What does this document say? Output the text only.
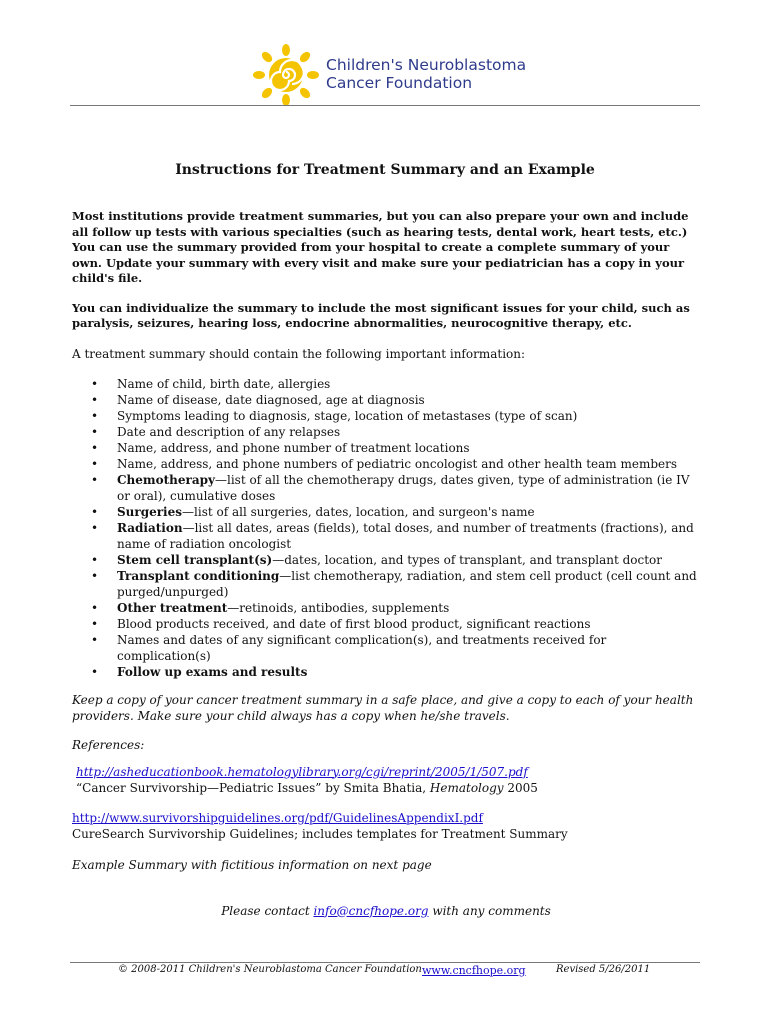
Children's Neuroblastoma
Cancer Foundation
Instructions for Treatment Summary and an Example

Most institutions provide treatment summaries, but you can also prepare your own and include all follow up tests with various specialties (such as hearing tests, dental work, heart tests, etc.) You can use the summary provided from your hospital to create a complete summary of your own. Update your summary with every visit and make sure your pediatrician has a copy in your child's file.

You can individualize the summary to include the most significant issues for your child, such as paralysis, seizures, hearing loss, endocrine abnormalities, neurocognitive therapy, etc.

A treatment summary should contain the following important information:

• Name of child, birth date, allergies
• Name of disease, date diagnosed, age at diagnosis
• Symptoms leading to diagnosis, stage, location of metastases (type of scan)
• Date and description of any relapses
• Name, address, and phone number of treatment locations
• Name, address, and phone numbers of pediatric oncologist and other health team members
• Chemotherapy—list of all the chemotherapy drugs, dates given, type of administration (ie IV or oral), cumulative doses
• Surgeries—list of all surgeries, dates, location, and surgeon's name
• Radiation—list all dates, areas (fields), total doses, and number of treatments (fractions), and name of radiation oncologist
• Stem cell transplant(s)—dates, location, and types of transplant, and transplant doctor
• Transplant conditioning—list chemotherapy, radiation, and stem cell product (cell count and purged/unpurged)
• Other treatment—retinoids, antibodies, supplements
• Blood products received, and date of first blood product, significant reactions
• Names and dates of any significant complication(s), and treatments received for complication(s)
• Follow up exams and results

Keep a copy of your cancer treatment summary in a safe place, and give a copy to each of your health providers. Make sure your child always has a copy when he/she travels.

References:

http://asheducationbook.hematologylibrary.org/cgi/reprint/2005/1/507.pdf
“Cancer Survivorship—Pediatric Issues” by Smita Bhatia, Hematology 2005

http://www.survivorshipguidelines.org/pdf/GuidelinesAppendixI.pdf
CureSearch Survivorship Guidelines; includes templates for Treatment Summary

Example Summary with fictitious information on next page

Please contact info@cncfhope.org with any comments

© 2008-2011 Children's Neuroblastoma Cancer Foundation www.cncfhope.org	Revised 5/26/2011
